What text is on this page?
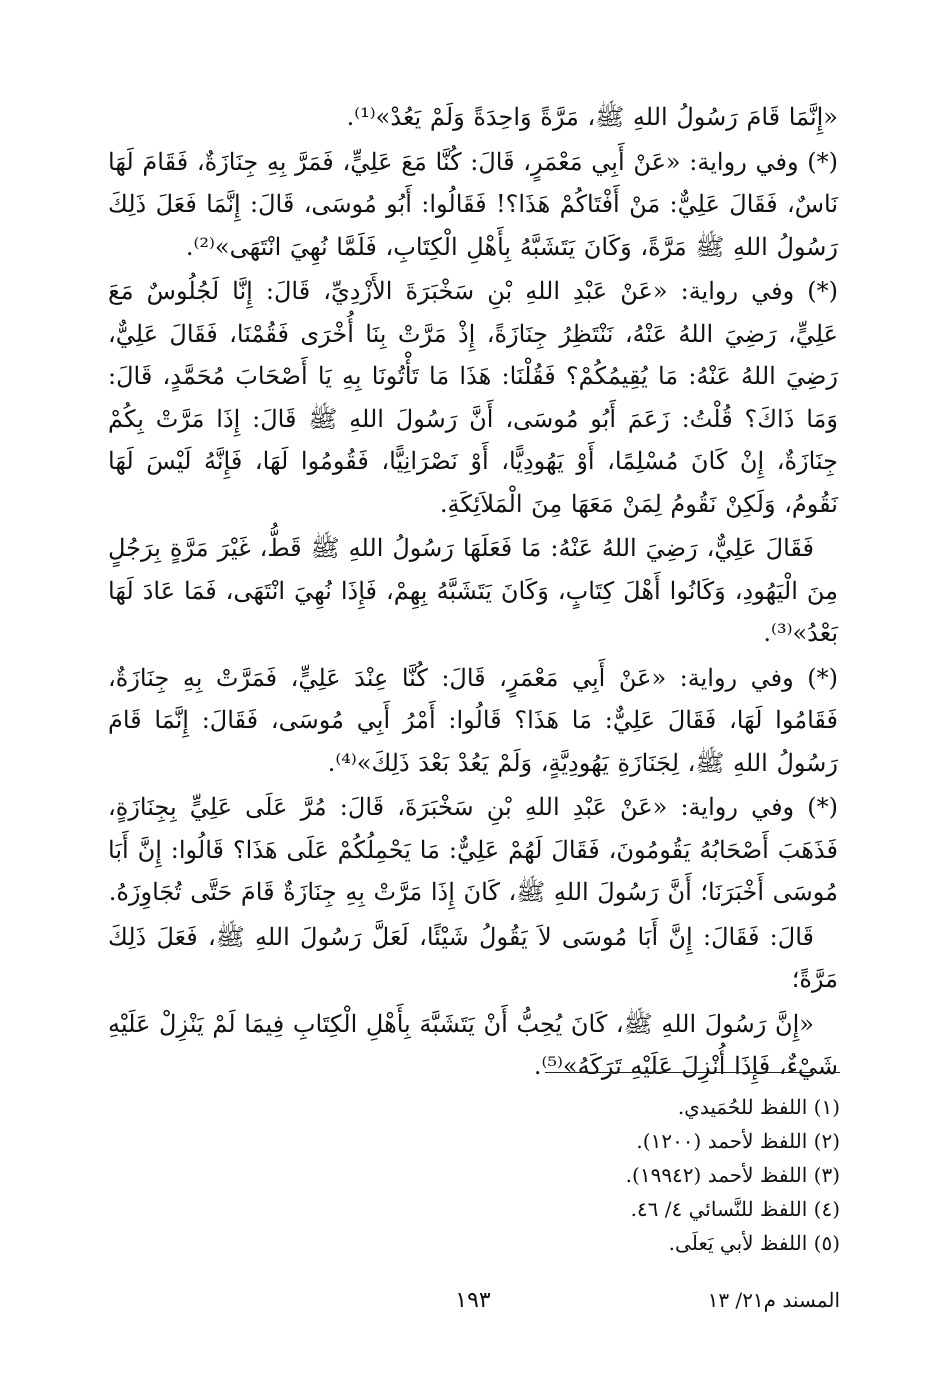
«إِنَّمَا قَامَ رَسُولُ اللهِ ﷺ، مَرَّةً وَاحِدَةً وَلَمْ يَعُدْ»⁽¹⁾.

(*) وفي رواية: «عَنْ أَبِي مَعْمَرٍ، قَالَ: كُنَّا مَعَ عَلِيٍّ، فَمَرَّ بِهِ جِنَازَةٌ، فَقَامَ لَهَا نَاسٌ، فَقَالَ عَلِيٌّ: مَنْ أَفْتَاكُمْ هَذَا؟! فَقَالُوا: أَبُو مُوسَى، قَالَ: إِنَّمَا فَعَلَ ذَلِكَ رَسُولُ اللهِ ﷺ مَرَّةً، وَكَانَ يَتَشَبَّهُ بِأَهْلِ الْكِتَابِ، فَلَمَّا نُهِيَ انْتَهَى»⁽²⁾.

(*) وفي رواية: «عَنْ عَبْدِ اللهِ بْنِ سَخْبَرَةَ الأَزْدِيِّ، قَالَ: إِنَّا لَجُلُوسٌ مَعَ عَلِيٍّ، رَضِيَ اللهُ عَنْهُ، نَنْتَظِرُ جِنَازَةً، إِذْ مَرَّتْ بِنَا أُخْرَى فَقُمْنَا، فَقَالَ عَلِيٌّ، رَضِيَ اللهُ عَنْهُ: مَا يُقِيمُكُمْ؟ فَقُلْنَا: هَذَا مَا تَأْتُونَا بِهِ يَا أَصْحَابَ مُحَمَّدٍ، قَالَ: وَمَا ذَاكَ؟ قُلْتُ: زَعَمَ أَبُو مُوسَى، أَنَّ رَسُولَ اللهِ ﷺ قَالَ: إِذَا مَرَّتْ بِكُمْ جِنَازَةٌ، إِنْ كَانَ مُسْلِمًا، أَوْ يَهُودِيًّا، أَوْ نَصْرَانِيًّا، فَقُومُوا لَهَا، فَإِنَّهُ لَيْسَ لَهَا نَقُومُ، وَلَكِنْ نَقُومُ لِمَنْ مَعَهَا مِنَ الْمَلاَئِكَةِ.

فَقَالَ عَلِيٌّ، رَضِيَ اللهُ عَنْهُ: مَا فَعَلَهَا رَسُولُ اللهِ ﷺ قَطُّ، غَيْرَ مَرَّةٍ بِرَجُلٍ مِنَ الْيَهُودِ، وَكَانُوا أَهْلَ كِتَابٍ، وَكَانَ يَتَشَبَّهُ بِهِمْ، فَإِذَا نُهِيَ انْتَهَى، فَمَا عَادَ لَهَا بَعْدُ»⁽³⁾.

(*) وفي رواية: «عَنْ أَبِي مَعْمَرٍ، قَالَ: كُنَّا عِنْدَ عَلِيٍّ، فَمَرَّتْ بِهِ جِنَازَةٌ، فَقَامُوا لَهَا، فَقَالَ عَلِيٌّ: مَا هَذَا؟ قَالُوا: أَمْرُ أَبِي مُوسَى، فَقَالَ: إِنَّمَا قَامَ رَسُولُ اللهِ ﷺ، لِجَنَازَةِ يَهُودِيَّةٍ، وَلَمْ يَعُدْ بَعْدَ ذَلِكَ»⁽⁴⁾.

(*) وفي رواية: «عَنْ عَبْدِ اللهِ بْنِ سَخْبَرَةَ، قَالَ: مُرَّ عَلَى عَلِيٍّ بِجِنَازَةٍ، فَذَهَبَ أَصْحَابُهُ يَقُومُونَ، فَقَالَ لَهُمْ عَلِيٌّ: مَا يَحْمِلُكُمْ عَلَى هَذَا؟ قَالُوا: إِنَّ أَبَا مُوسَى أَخْبَرَنَا؛ أَنَّ رَسُولَ اللهِ ﷺ، كَانَ إِذَا مَرَّتْ بِهِ جِنَازَةٌ قَامَ حَتَّى تُجَاوِزَهُ.

قَالَ: فَقَالَ: إِنَّ أَبَا مُوسَى لاَ يَقُولُ شَيْئًا، لَعَلَّ رَسُولَ اللهِ ﷺ، فَعَلَ ذَلِكَ مَرَّةً؛

«إِنَّ رَسُولَ اللهِ ﷺ، كَانَ يُحِبُّ أَنْ يَتَشَبَّهَ بِأَهْلِ الْكِتَابِ فِيمَا لَمْ يَنْزِلْ عَلَيْهِ شَيْءٌ، فَإِذَا أُنْزِلَ عَلَيْهِ تَرَكَهُ»⁽⁵⁾.

(١) اللفظ للحُمَيدي.

(٢) اللفظ لأحمد (١٢٠٠).

(٣) اللفظ لأحمد (١٩٩٤٢).

(٤) اللفظ للنَّسائي ٤/ ٤٦.

(٥) اللفظ لأبي يَعلَى.

١٩٣	المسند م٢١/ ١٣
